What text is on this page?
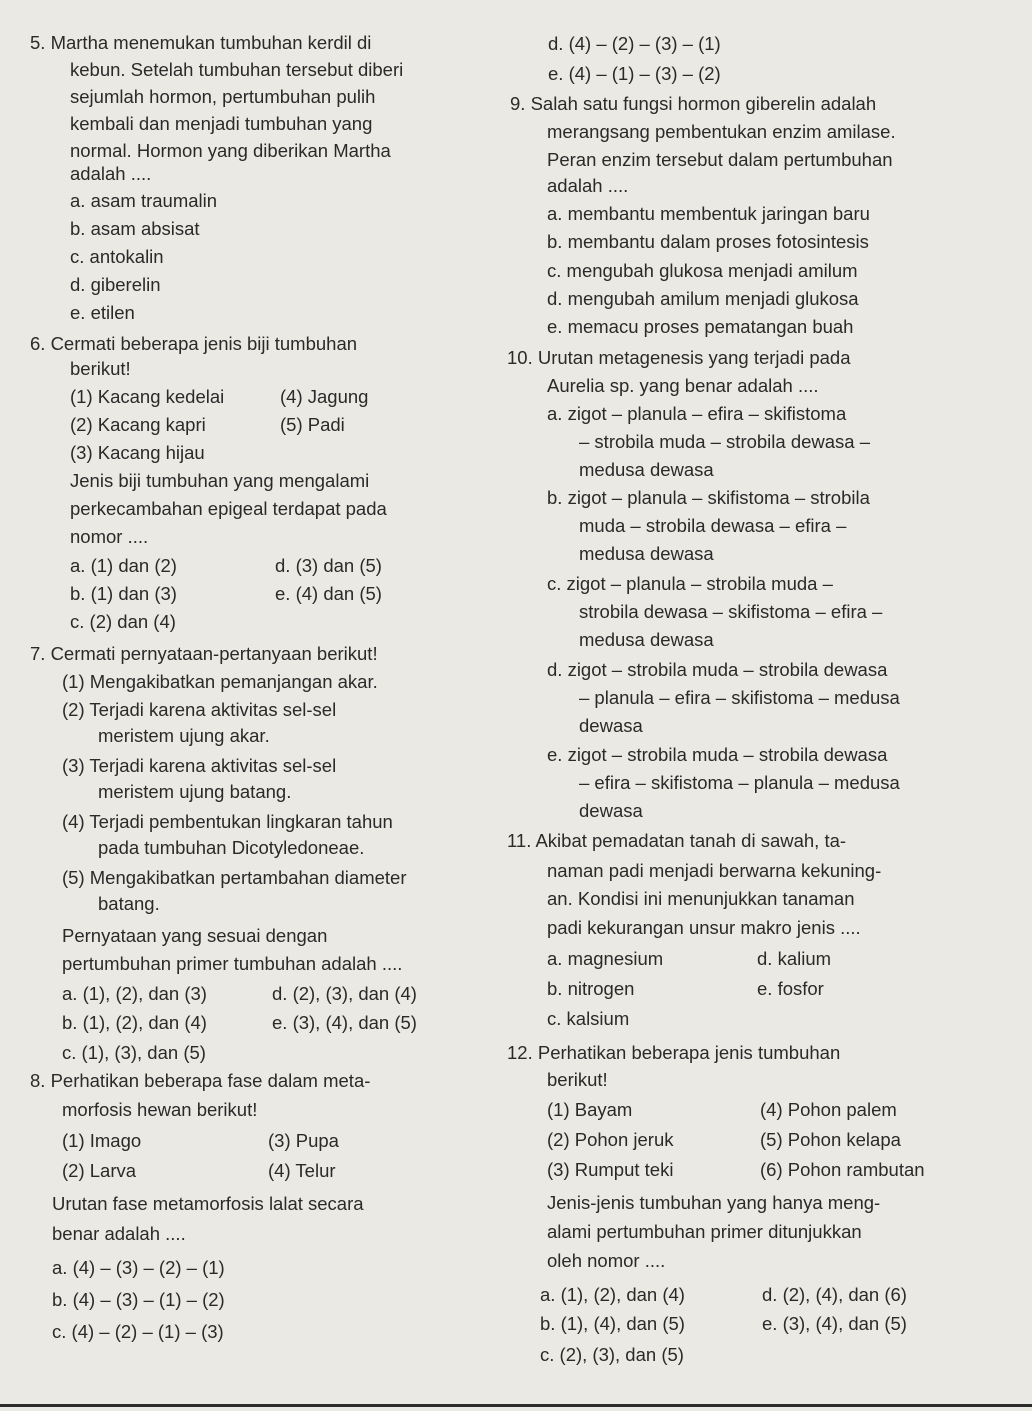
5. Martha menemukan tumbuhan kerdil di
kebun. Setelah tumbuhan tersebut diberi
sejumlah hormon, pertumbuhan pulih
kembali dan menjadi tumbuhan yang
normal. Hormon yang diberikan Martha
adalah ....
a. asam traumalin
b. asam absisat
c. antokalin
d. giberelin
e. etilen
6. Cermati beberapa jenis biji tumbuhan
berikut!
(1) Kacang kedelai	(4) Jagung
(2) Kacang kapri	(5) Padi
(3) Kacang hijau
Jenis biji tumbuhan yang mengalami
perkecambahan epigeal terdapat pada
nomor ....
a. (1) dan (2)	d. (3) dan (5)
b. (1) dan (3)	e. (4) dan (5)
c. (2) dan (4)
7. Cermati pernyataan-pertanyaan berikut!
(1) Mengakibatkan pemanjangan akar.
(2) Terjadi karena aktivitas sel-sel
meristem ujung akar.
(3) Terjadi karena aktivitas sel-sel
meristem ujung batang.
(4) Terjadi pembentukan lingkaran tahun
pada tumbuhan Dicotyledoneae.
(5) Mengakibatkan pertambahan diameter
batang.
Pernyataan yang sesuai dengan
pertumbuhan primer tumbuhan adalah ....
a. (1), (2), dan (3)	d. (2), (3), dan (4)
b. (1), (2), dan (4)	e. (3), (4), dan (5)
c. (1), (3), dan (5)
8. Perhatikan beberapa fase dalam meta-
morfosis hewan berikut!
(1) Imago	(3) Pupa
(2) Larva	(4) Telur
Urutan fase metamorfosis lalat secara
benar adalah ....
a. (4) – (3) – (2) – (1)
b. (4) – (3) – (1) – (2)
c. (4) – (2) – (1) – (3)
d. (4) – (2) – (3) – (1)
e. (4) – (1) – (3) – (2)
9. Salah satu fungsi hormon giberelin adalah
merangsang pembentukan enzim amilase.
Peran enzim tersebut dalam pertumbuhan
adalah ....
a. membantu membentuk jaringan baru
b. membantu dalam proses fotosintesis
c. mengubah glukosa menjadi amilum
d. mengubah amilum menjadi glukosa
e. memacu proses pematangan buah
10. Urutan metagenesis yang terjadi pada
Aurelia sp. yang benar adalah ....
a. zigot – planula – efira – skifistoma
– strobila muda – strobila dewasa –
medusa dewasa
b. zigot – planula – skifistoma – strobila
muda – strobila dewasa – efira –
medusa dewasa
c. zigot – planula – strobila muda –
strobila dewasa – skifistoma – efira –
medusa dewasa
d. zigot – strobila muda – strobila dewasa
– planula – efira – skifistoma – medusa
dewasa
e. zigot – strobila muda – strobila dewasa
– efira – skifistoma – planula – medusa
dewasa
11. Akibat pemadatan tanah di sawah, ta-
naman padi menjadi berwarna kekuning-
an. Kondisi ini menunjukkan tanaman
padi kekurangan unsur makro jenis ....
a. magnesium	d. kalium
b. nitrogen	e. fosfor
c. kalsium
12. Perhatikan beberapa jenis tumbuhan
berikut!
(1) Bayam	(4) Pohon palem
(2) Pohon jeruk	(5) Pohon kelapa
(3) Rumput teki	(6) Pohon rambutan
Jenis-jenis tumbuhan yang hanya meng-
alami pertumbuhan primer ditunjukkan
oleh nomor ....
a. (1), (2), dan (4)	d. (2), (4), dan (6)
b. (1), (4), dan (5)	e. (3), (4), dan (5)
c. (2), (3), dan (5)
